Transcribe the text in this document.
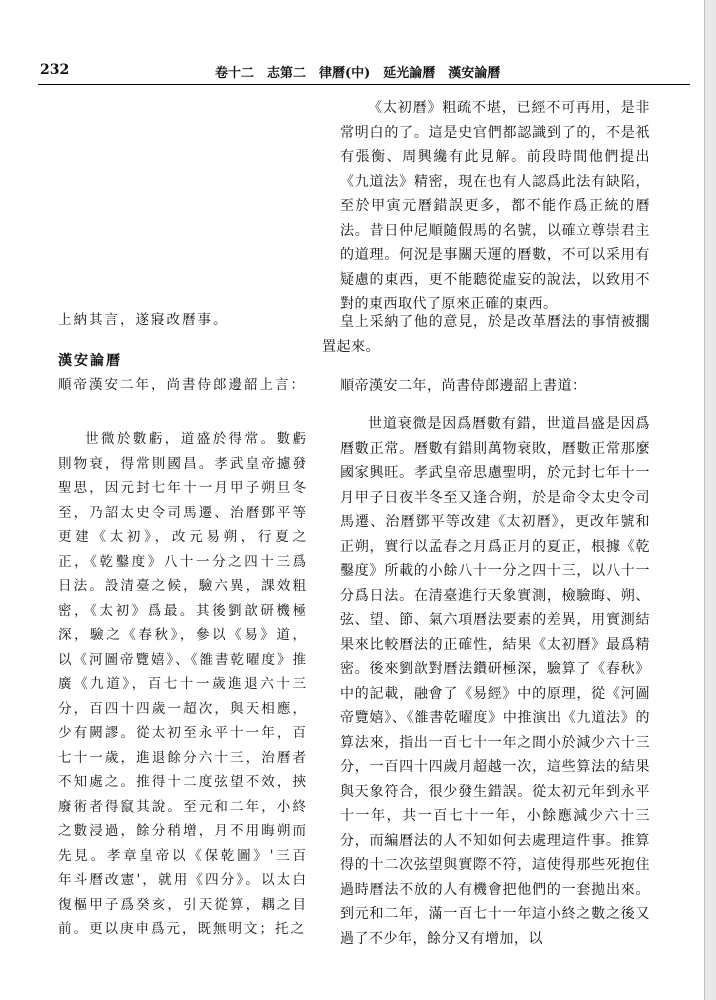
232	卷十二　志第二　律曆(中)　延光論曆　漢安論曆

上納其言，遂寢改曆事。

漢安論曆

順帝漢安二年，尚書侍郎邊韶上言：

世微於數虧，道盛於得常。數虧則物衰，得常則國昌。孝武皇帝攄發聖思，因元封七年十一月甲子朔旦冬至，乃詔太史令司馬遷、治曆鄧平等更建《太初》，改元易朔，行夏之正，《乾鑿度》八十一分之四十三爲日法。設清臺之候，驗六異，課效粗密，《太初》爲最。其後劉歆研機極深，驗之《春秋》，參以《易》道，以《河圖帝覽嬉》、《雒書乾曜度》推廣《九道》，百七十一歲進退六十三分，百四十四歲一超次，與天相應，少有闕謬。從太初至永平十一年，百七十一歲，進退餘分六十三，治曆者不知處之。推得十二度弦望不效，挾廢術者得竄其說。至元和二年，小終之數浸過，餘分稍增，月不用晦朔而先見。孝章皇帝以《保乾圖》'三百年斗曆改憲'，就用《四分》。以太白復樞甲子爲癸亥，引天從算，耦之目前。更以庚申爲元，既無明文；托之

《太初曆》粗疏不堪，已經不可再用，是非常明白的了。這是史官們都認識到了的，不是衹有張衡、周興纔有此見解。前段時間他們提出《九道法》精密，現在也有人認爲此法有缺陷，至於甲寅元曆錯誤更多，都不能作爲正統的曆法。昔日仲尼順隨假馬的名號，以確立尊崇君主的道理。何況是事關天運的曆數，不可以采用有疑慮的東西，更不能聽從虛妄的說法，以致用不對的東西取代了原來正確的東西。

皇上采納了他的意見，於是改革曆法的事情被擱置起來。

順帝漢安二年，尚書侍郎邊韶上書道：

世道衰微是因爲曆數有錯，世道昌盛是因爲曆數正常。曆數有錯則萬物衰敗，曆數正常那麼國家興旺。孝武皇帝思慮聖明，於元封七年十一月甲子日夜半冬至又逢合朔，於是命令太史令司馬遷、治曆鄧平等改建《太初曆》，更改年號和正朔，實行以孟春之月爲正月的夏正，根據《乾鑿度》所載的小餘八十一分之四十三，以八十一分爲日法。在清臺進行天象實測，檢驗晦、朔、弦、望、節、氣六項曆法要素的差異，用實測結果來比較曆法的正確性，結果《太初曆》最爲精密。後來劉歆對曆法鑽研極深，驗算了《春秋》中的記載，融會了《易經》中的原理，從《河圖帝覽嬉》、《雒書乾曜度》中推演出《九道法》的算法來，指出一百七十一年之間小於減少六十三分，一百四十四歲月超越一次，這些算法的結果與天象符合，很少發生錯誤。從太初元年到永平十一年，共一百七十一年，小餘應減少六十三分，而編曆法的人不知如何去處理這件事。推算得的十二次弦望與實際不符，這使得那些死抱住過時曆法不放的人有機會把他們的一套拋出來。到元和二年，滿一百七十一年這小終之數之後又過了不少年，餘分又有增加，以
